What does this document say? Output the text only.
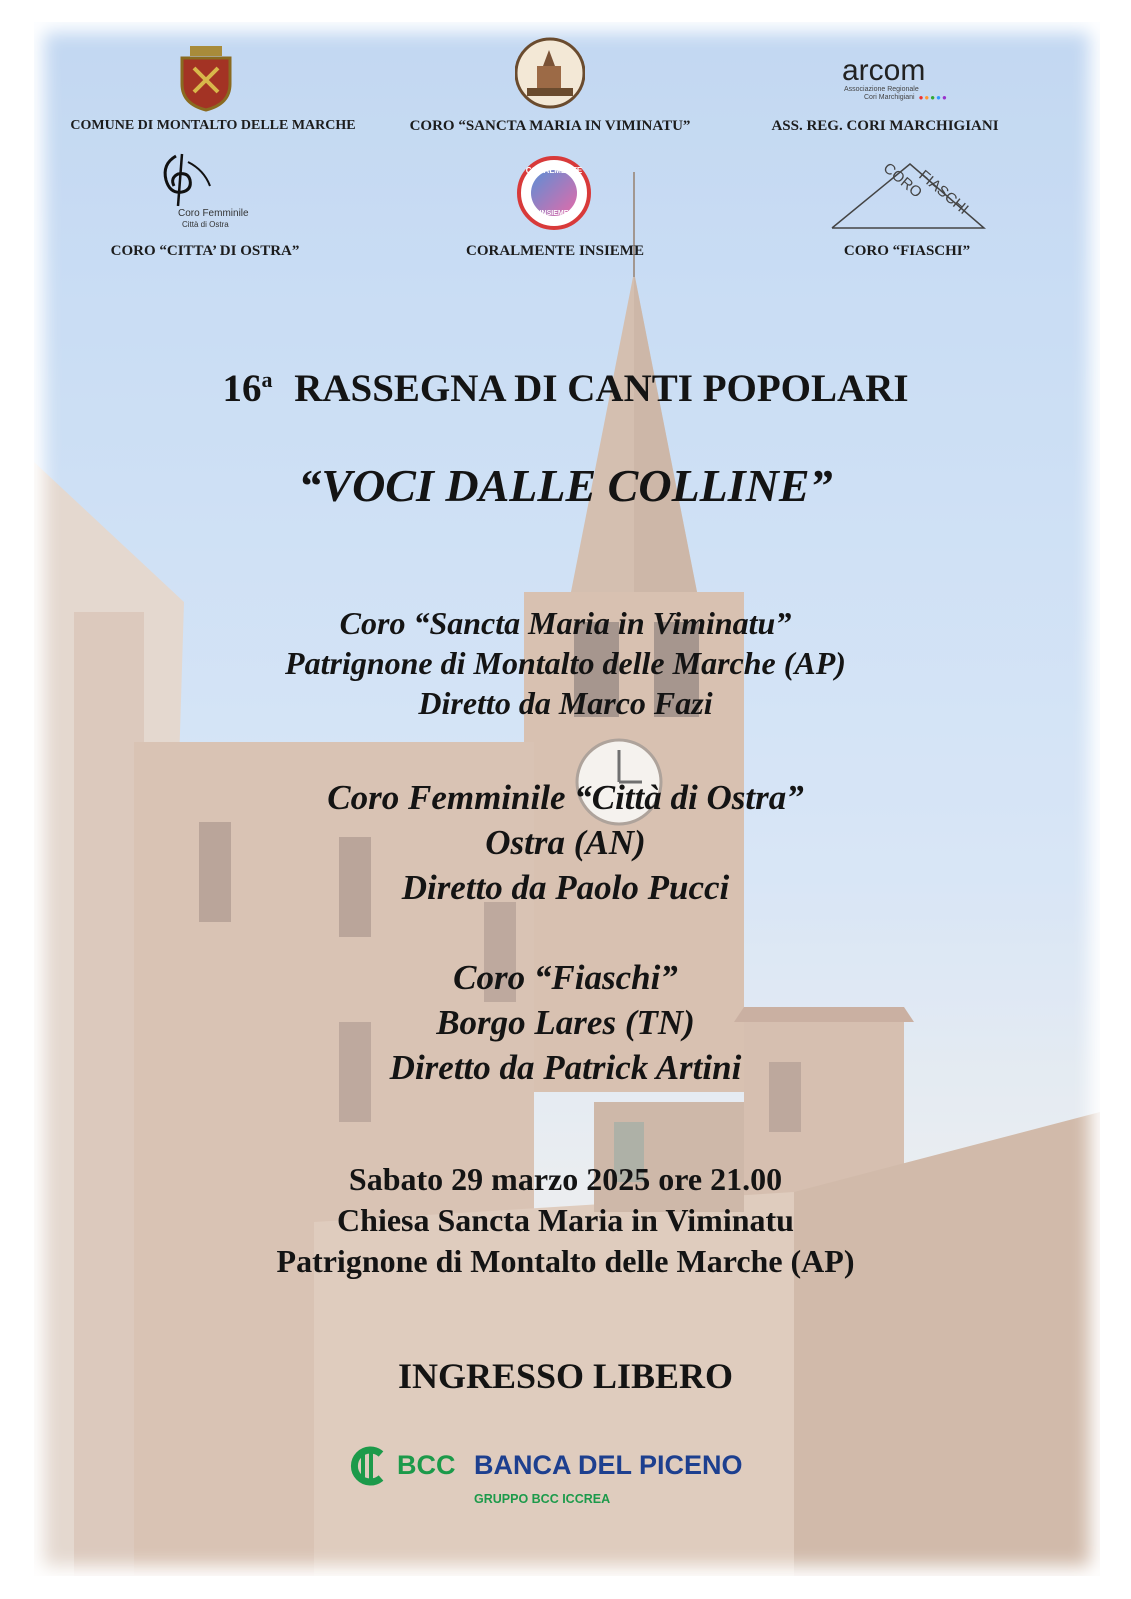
arcom
Associazione Regionale
Cori Marchigiani ●●●●●
COMUNE DI MONTALTO DELLE MARCHE	CORO “SANCTA MARIA IN VIMINATU”	ASS. REG. CORI MARCHIGIANI
Coro Femminile
Città di Ostra
CORALMENTE
INSIEME
CORO
FIASCHI
CORO “CITTA’ DI OSTRA”	CORALMENTE INSIEME	CORO “FIASCHI”
16$^a$ RASSEGNA DI CANTI POPOLARI
“VOCI DALLE COLLINE”
Coro “Sancta Maria in Viminatu”
Patrignone di Montalto delle Marche (AP)
Diretto da Marco Fazi
Coro Femminile “Città di Ostra”
Ostra (AN)
Diretto da Paolo Pucci
Coro “Fiaschi”
Borgo Lares (TN)
Diretto da Patrick Artini
Sabato 29 marzo 2025 ore 21.00
Chiesa Sancta Maria in Viminatu
Patrignone di Montalto delle Marche (AP)
INGRESSO LIBERO
BCC BANCA DEL PICENO
GRUPPO BCC ICCREA
